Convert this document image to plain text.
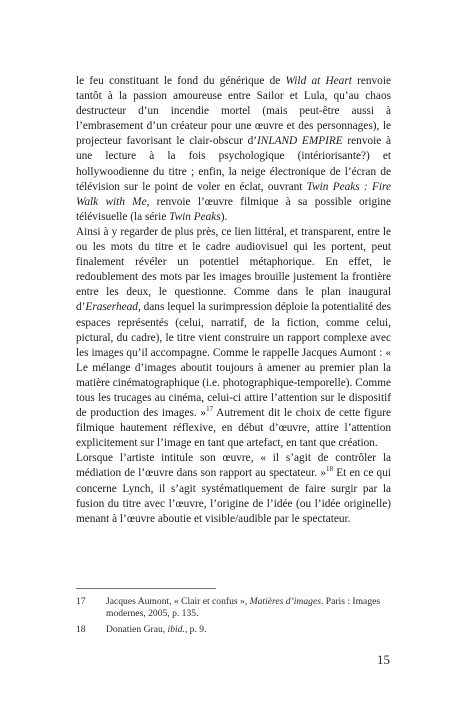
le feu constituant le fond du générique de Wild at Heart renvoie tantôt à la passion amoureuse entre Sailor et Lula, qu’au chaos destructeur d’un incendie mortel (mais peut-être aussi à l’embrasement d’un créateur pour une œuvre et des personnages), le projecteur favorisant le clair-obscur d’INLAND EMPIRE renvoie à une lecture à la fois psychologique (intériorisante?) et hollywoodienne du titre ; enfin, la neige électronique de l’écran de télévision sur le point de voler en éclat, ouvrant Twin Peaks : Fire Walk with Me, renvoie l’œuvre filmique à sa possible origine télévisuelle (la série Twin Peaks).

Ainsi à y regarder de plus près, ce lien littéral, et transparent, entre le ou les mots du titre et le cadre audiovisuel qui les portent, peut finalement révéler un potentiel métaphorique. En effet, le redoublement des mots par les images brouille justement la frontière entre les deux, le questionne. Comme dans le plan inaugural d’Eraserhead, dans lequel la surimpression déploie la potentialité des espaces représentés (celui, narratif, de la fiction, comme celui, pictural, du cadre), le titre vient construire un rapport complexe avec les images qu’il accompagne. Comme le rappelle Jacques Aumont : « Le mélange d’images aboutit toujours à amener au premier plan la matière cinématographique (i.e. photographique-temporelle). Comme tous les trucages au cinéma, celui-ci attire l’attention sur le dispositif de production des images. »$^{17}$ Autrement dit le choix de cette figure filmique hautement réflexive, en début d’œuvre, attire l’attention explicitement sur l’image en tant que artefact, en tant que création.

Lorsque l’artiste intitule son œuvre, « il s’agit de contrôler la médiation de l’œuvre dans son rapport au spectateur. »$^{18}$ Et en ce qui concerne Lynch, il s’agit systématiquement de faire surgir par la fusion du titre avec l’œuvre, l’origine de l’idée (ou l’idée originelle) menant à l’œuvre aboutie et visible/audible par le spectateur.

17	Jacques Aumont, « Clair et confus », Matières d’images. Paris : Images modernes, 2005, p. 135.
18	Donatien Grau, ibid., p. 9.
15
